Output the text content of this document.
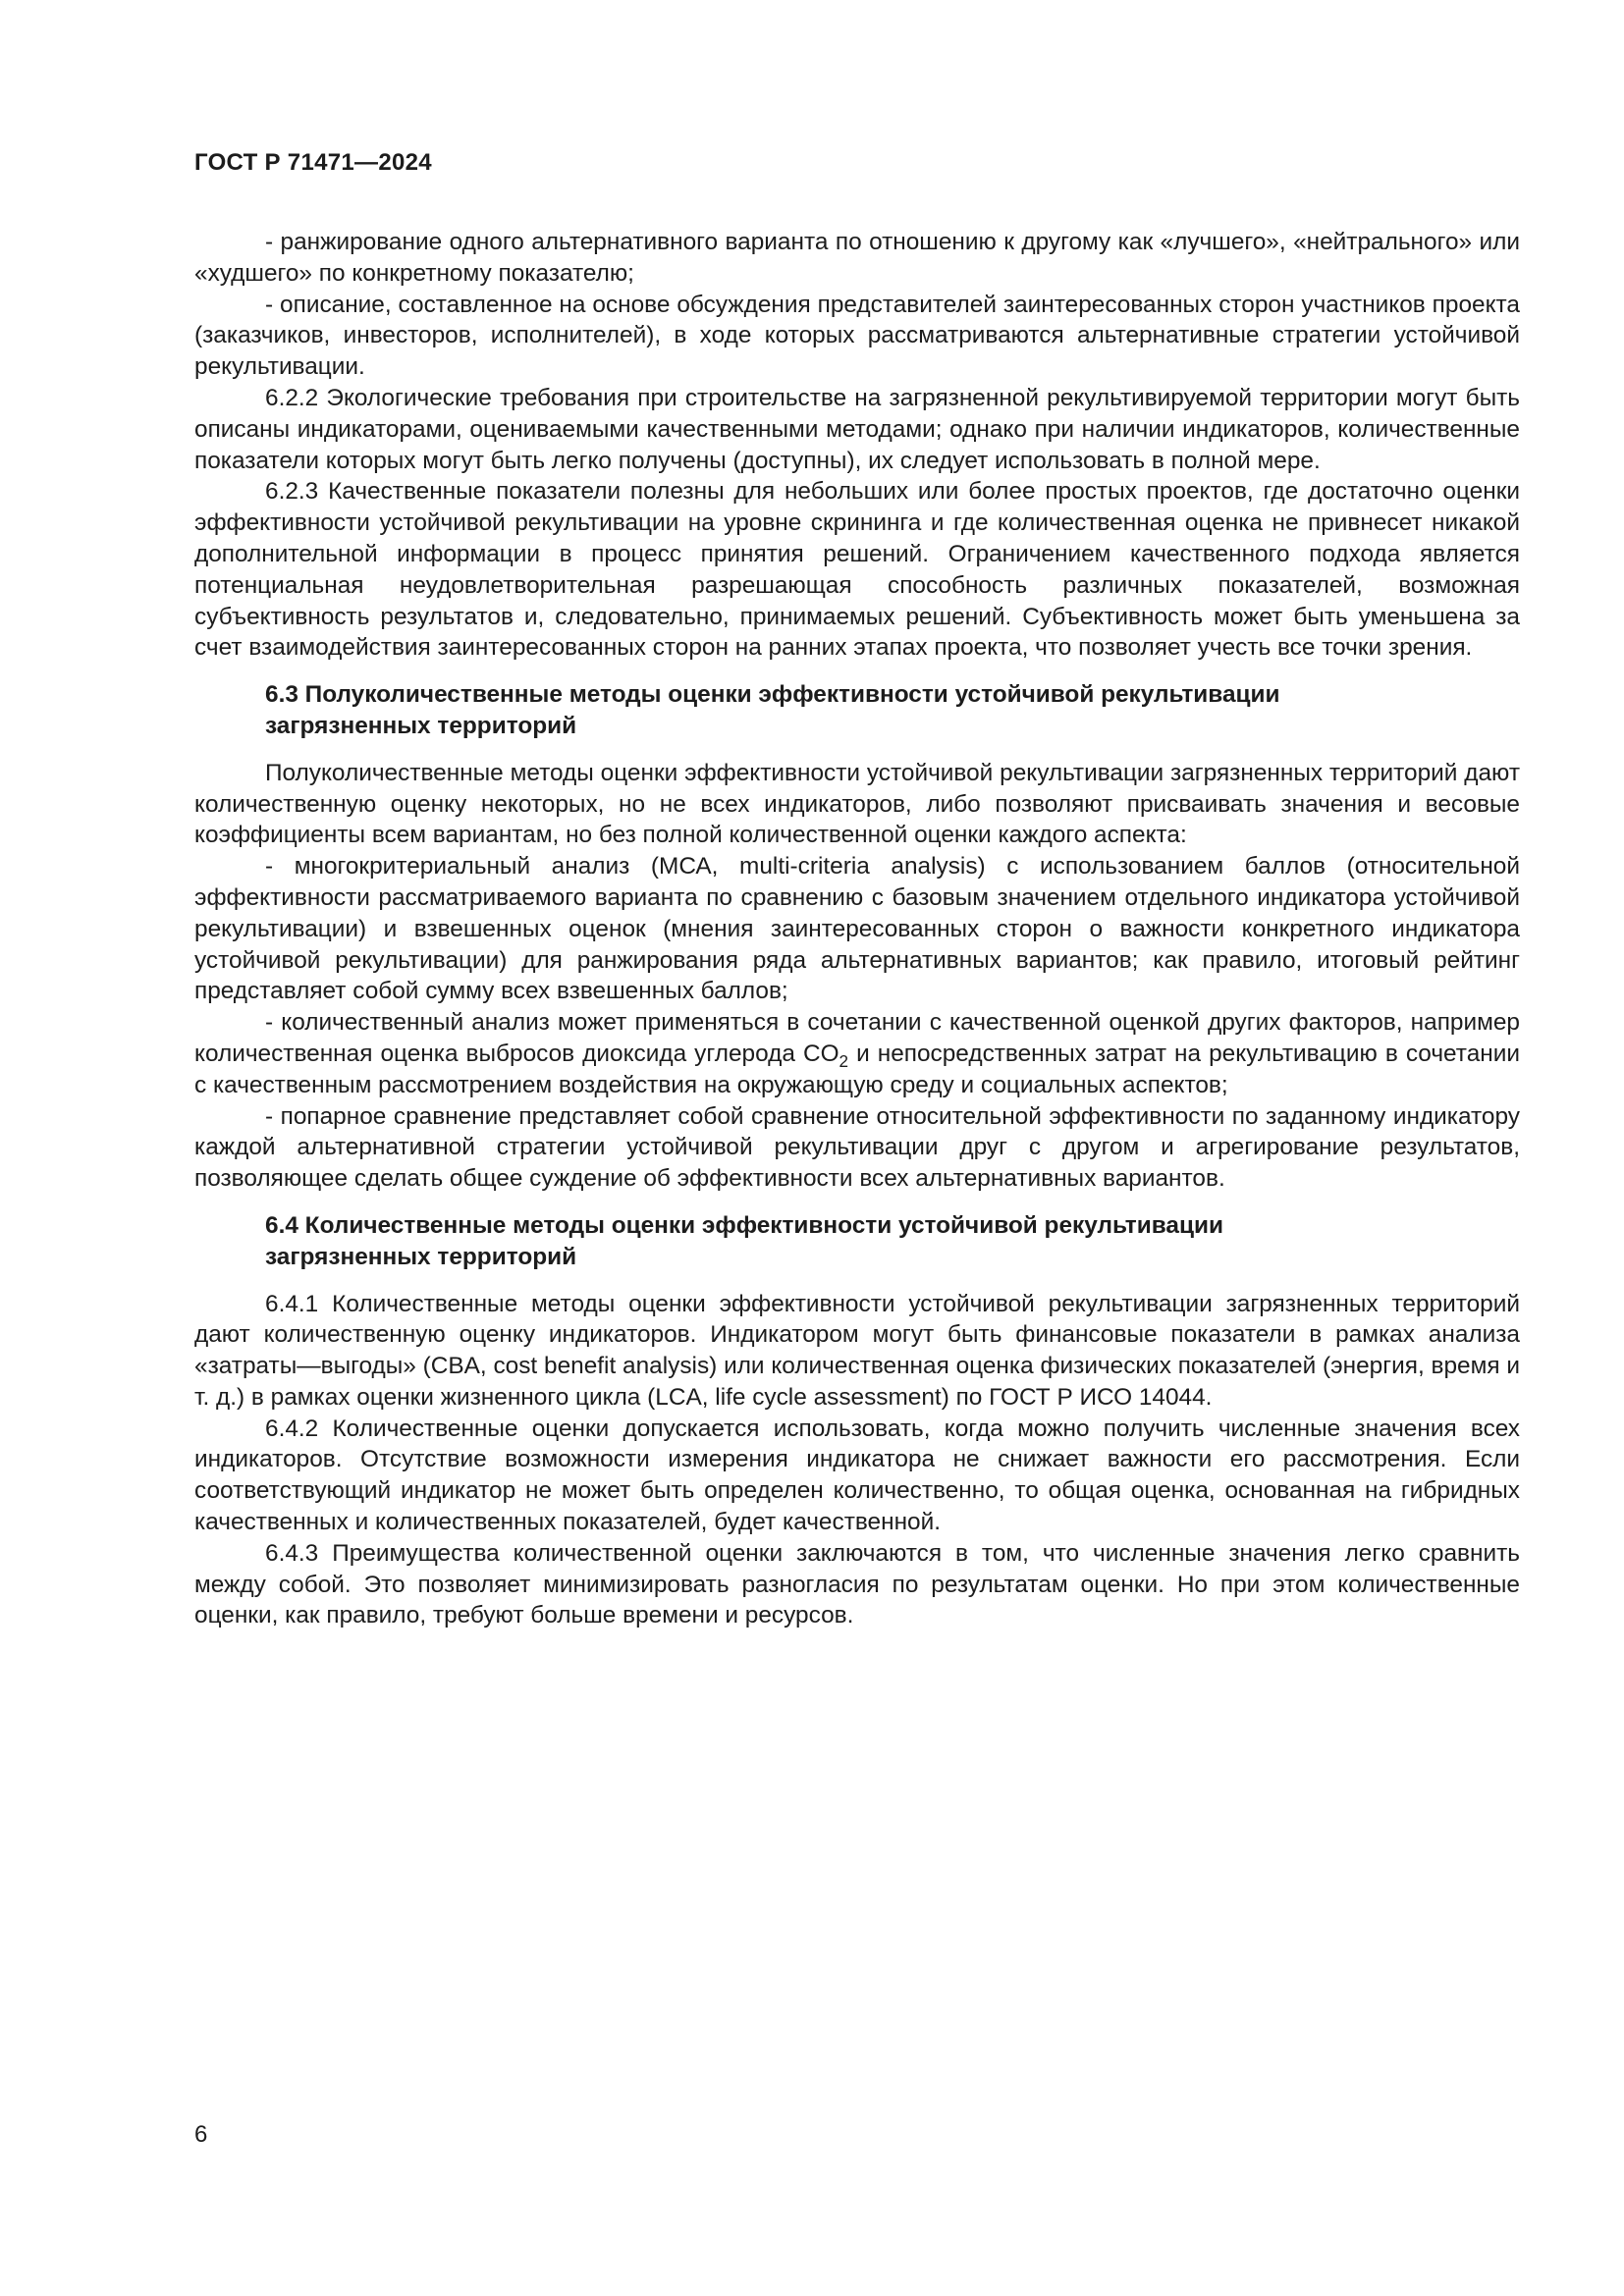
ГОСТ Р 71471—2024

- ранжирование одного альтернативного варианта по отношению к другому как «лучшего», «нейтрального» или «худшего» по конкретному показателю;

- описание, составленное на основе обсуждения представителей заинтересованных сторон участников проекта (заказчиков, инвесторов, исполнителей), в ходе которых рассматриваются альтернативные стратегии устойчивой рекультивации.

6.2.2 Экологические требования при строительстве на загрязненной рекультивируемой территории могут быть описаны индикаторами, оцениваемыми качественными методами; однако при наличии индикаторов, количественные показатели которых могут быть легко получены (доступны), их следует использовать в полной мере.

6.2.3 Качественные показатели полезны для небольших или более простых проектов, где достаточно оценки эффективности устойчивой рекультивации на уровне скрининга и где количественная оценка не привнесет никакой дополнительной информации в процесс принятия решений. Ограничением качественного подхода является потенциальная неудовлетворительная разрешающая способность различных показателей, возможная субъективность результатов и, следовательно, принимаемых решений. Субъективность может быть уменьшена за счет взаимодействия заинтересованных сторон на ранних этапах проекта, что позволяет учесть все точки зрения.

6.3 Полуколичественные методы оценки эффективности устойчивой рекультивации
загрязненных территорий

Полуколичественные методы оценки эффективности устойчивой рекультивации загрязненных территорий дают количественную оценку некоторых, но не всех индикаторов, либо позволяют присваивать значения и весовые коэффициенты всем вариантам, но без полной количественной оценки каждого аспекта:

- многокритериальный анализ (МСА, multi-criteria analysis) с использованием баллов (относительной эффективности рассматриваемого варианта по сравнению с базовым значением отдельного индикатора устойчивой рекультивации) и взвешенных оценок (мнения заинтересованных сторон о важности конкретного индикатора устойчивой рекультивации) для ранжирования ряда альтернативных вариантов; как правило, итоговый рейтинг представляет собой сумму всех взвешенных баллов;

- количественный анализ может применяться в сочетании с качественной оценкой других факторов, например количественная оценка выбросов диоксида углерода $CO_2$ и непосредственных затрат на рекультивацию в сочетании с качественным рассмотрением воздействия на окружающую среду и социальных аспектов;

- попарное сравнение представляет собой сравнение относительной эффективности по заданному индикатору каждой альтернативной стратегии устойчивой рекультивации друг с другом и агрегирование результатов, позволяющее сделать общее суждение об эффективности всех альтернативных вариантов.

6.4 Количественные методы оценки эффективности устойчивой рекультивации
загрязненных территорий

6.4.1 Количественные методы оценки эффективности устойчивой рекультивации загрязненных территорий дают количественную оценку индикаторов. Индикатором могут быть финансовые показатели в рамках анализа «затраты—выгоды» (CBA, cost benefit analysis) или количественная оценка физических показателей (энергия, время и т. д.) в рамках оценки жизненного цикла (LCA, life cycle assessment) по ГОСТ Р ИСО 14044.

6.4.2 Количественные оценки допускается использовать, когда можно получить численные значения всех индикаторов. Отсутствие возможности измерения индикатора не снижает важности его рассмотрения. Если соответствующий индикатор не может быть определен количественно, то общая оценка, основанная на гибридных качественных и количественных показателей, будет качественной.

6.4.3 Преимущества количественной оценки заключаются в том, что численные значения легко сравнить между собой. Это позволяет минимизировать разногласия по результатам оценки. Но при этом количественные оценки, как правило, требуют больше времени и ресурсов.

6
